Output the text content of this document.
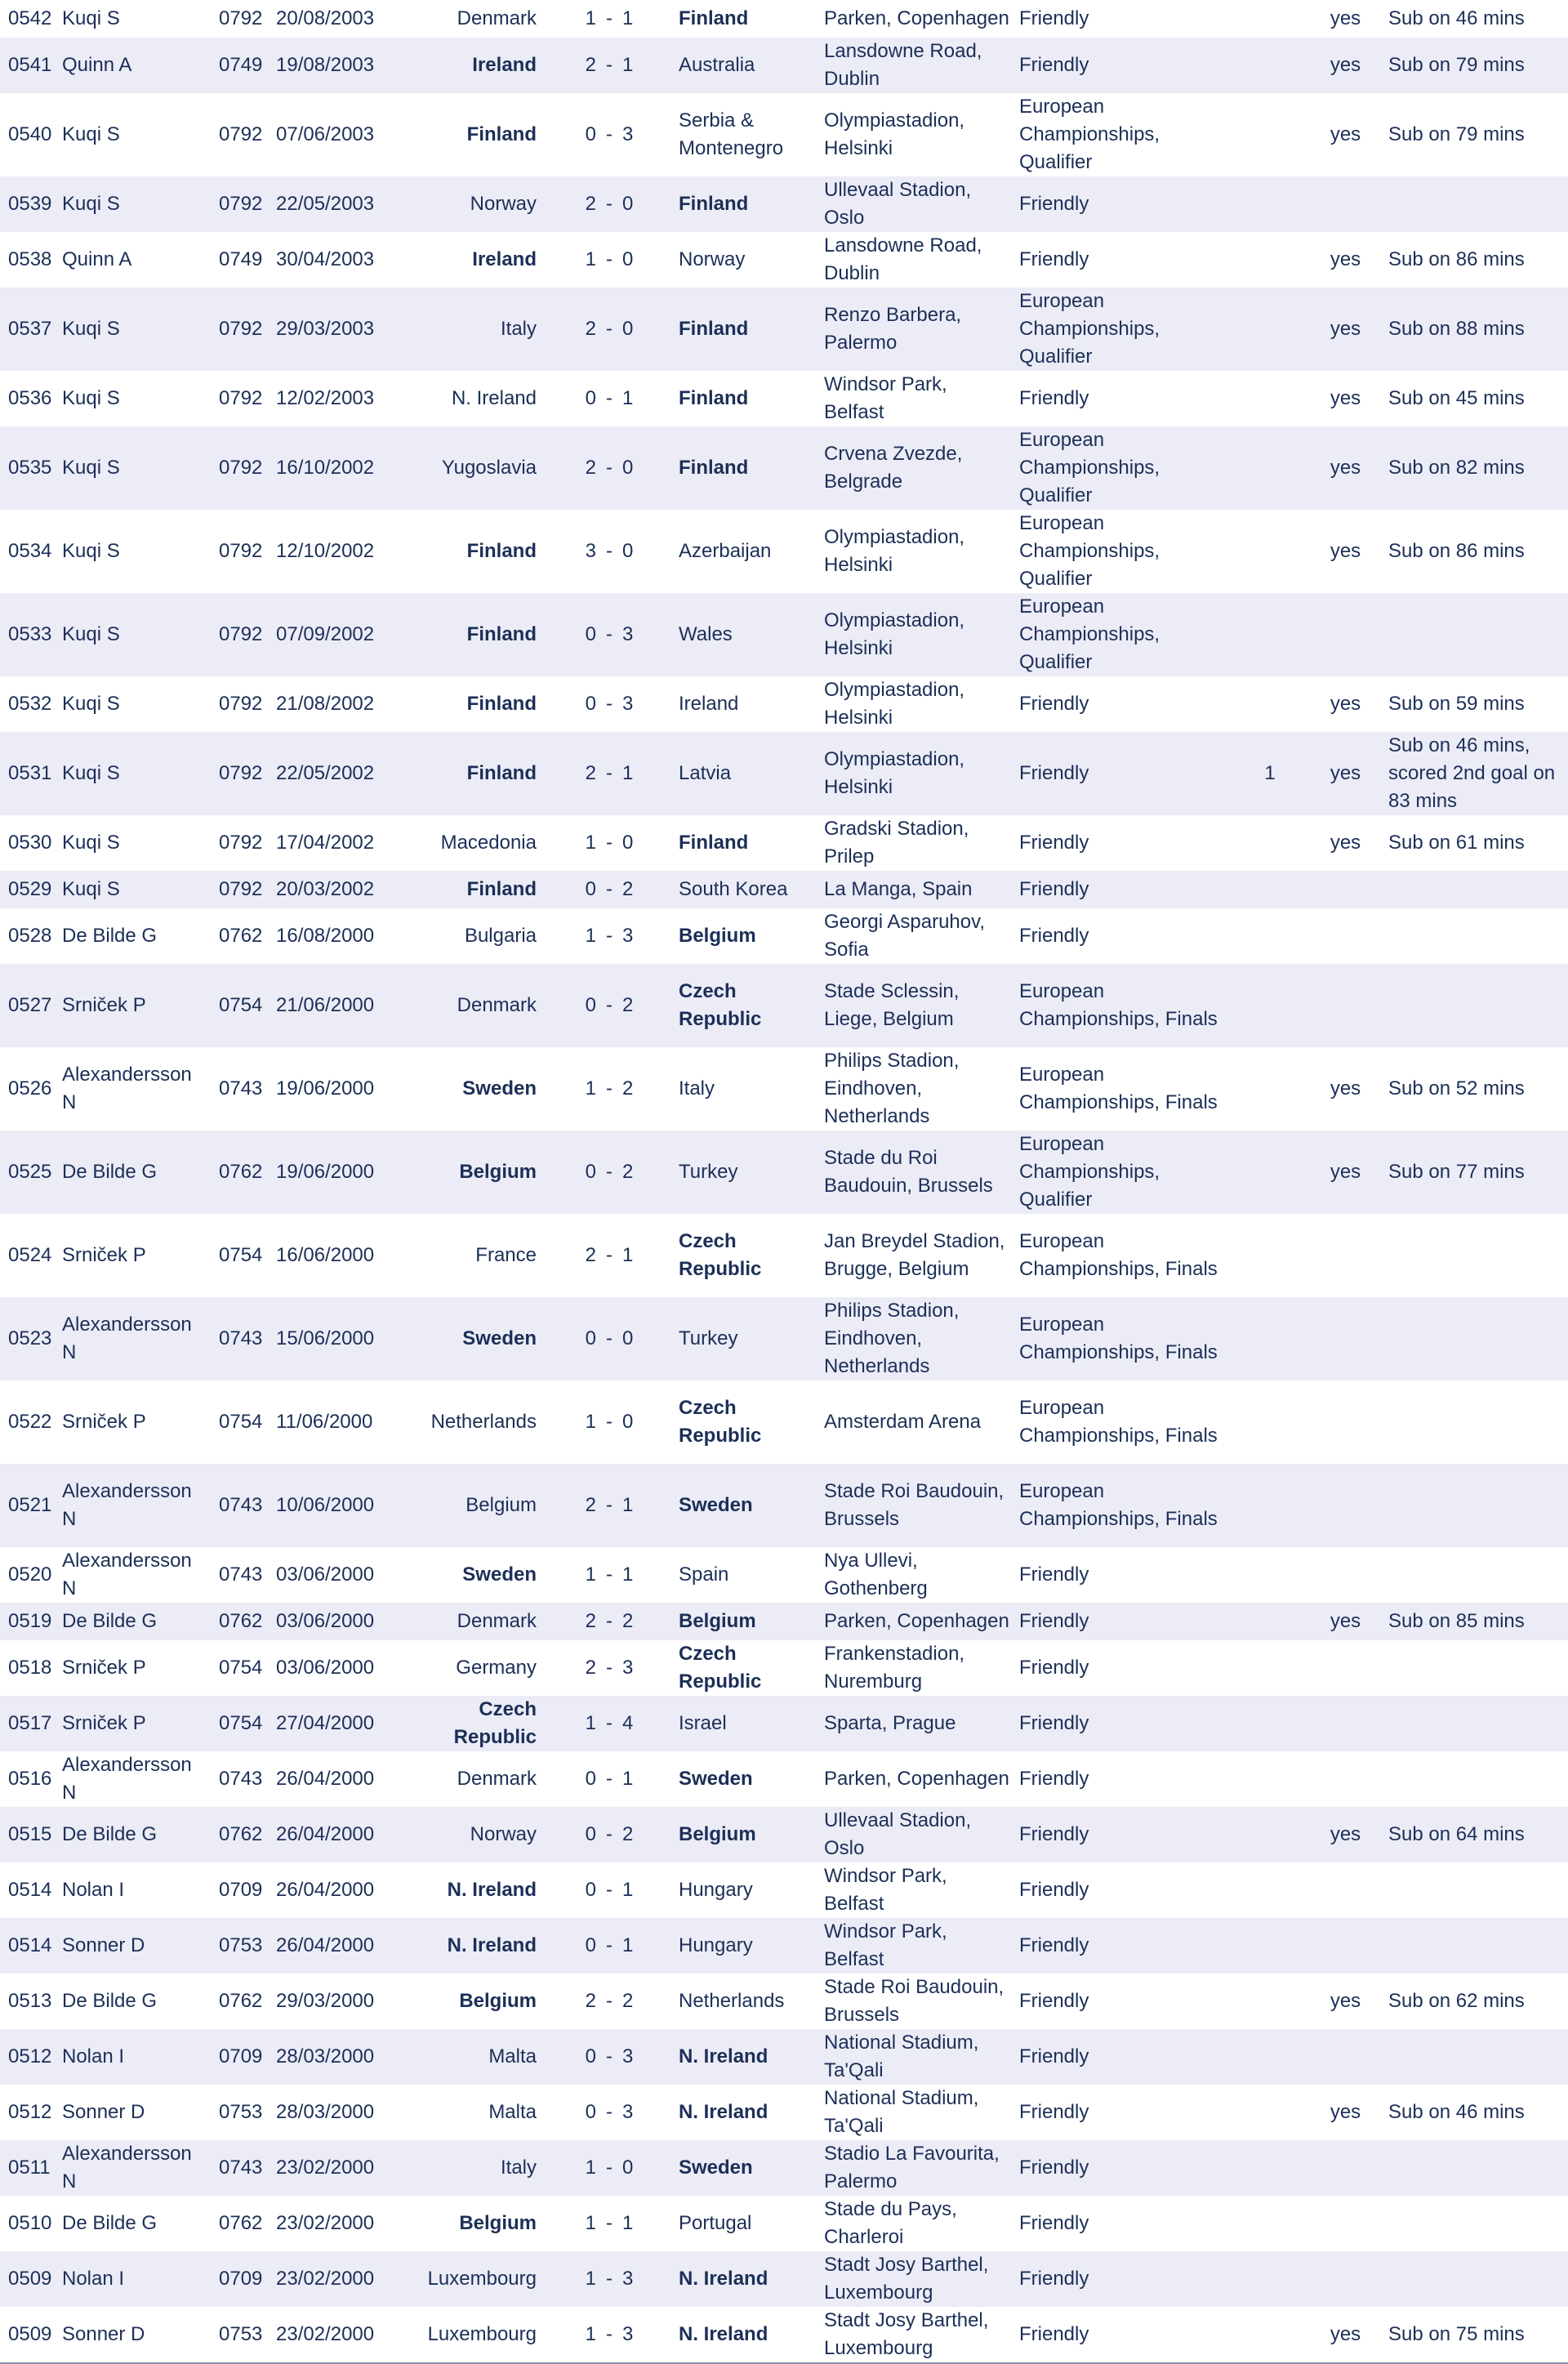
0542	Kuqi S	0792	20/08/2003	Denmark	1 - 1	Finland	Parken, Copenhagen	Friendly		yes	Sub on 46 mins
0541	Quinn A	0749	19/08/2003	Ireland	2 - 1	Australia	Lansdowne Road, Dublin	Friendly		yes	Sub on 79 mins
0540	Kuqi S	0792	07/06/2003	Finland	0 - 3	Serbia & Montenegro	Olympiastadion, Helsinki	European Championships, Qualifier		yes	Sub on 79 mins
0539	Kuqi S	0792	22/05/2003	Norway	2 - 0	Finland	Ullevaal Stadion, Oslo	Friendly			
0538	Quinn A	0749	30/04/2003	Ireland	1 - 0	Norway	Lansdowne Road, Dublin	Friendly		yes	Sub on 86 mins
0537	Kuqi S	0792	29/03/2003	Italy	2 - 0	Finland	Renzo Barbera, Palermo	European Championships, Qualifier		yes	Sub on 88 mins
0536	Kuqi S	0792	12/02/2003	N. Ireland	0 - 1	Finland	Windsor Park, Belfast	Friendly		yes	Sub on 45 mins
0535	Kuqi S	0792	16/10/2002	Yugoslavia	2 - 0	Finland	Crvena Zvezde, Belgrade	European Championships, Qualifier		yes	Sub on 82 mins
0534	Kuqi S	0792	12/10/2002	Finland	3 - 0	Azerbaijan	Olympiastadion, Helsinki	European Championships, Qualifier		yes	Sub on 86 mins
0533	Kuqi S	0792	07/09/2002	Finland	0 - 3	Wales	Olympiastadion, Helsinki	European Championships, Qualifier			
0532	Kuqi S	0792	21/08/2002	Finland	0 - 3	Ireland	Olympiastadion, Helsinki	Friendly		yes	Sub on 59 mins
0531	Kuqi S	0792	22/05/2002	Finland	2 - 1	Latvia	Olympiastadion, Helsinki	Friendly	1	yes	Sub on 46 mins, scored 2nd goal on 83 mins
0530	Kuqi S	0792	17/04/2002	Macedonia	1 - 0	Finland	Gradski Stadion, Prilep	Friendly		yes	Sub on 61 mins
0529	Kuqi S	0792	20/03/2002	Finland	0 - 2	South Korea	La Manga, Spain	Friendly			
0528	De Bilde G	0762	16/08/2000	Bulgaria	1 - 3	Belgium	Georgi Asparuhov, Sofia	Friendly			
0527	Srniček P	0754	21/06/2000	Denmark	0 - 2	Czech Republic	Stade Sclessin, Liege, Belgium	European Championships, Finals			
0526	Alexandersson N	0743	19/06/2000	Sweden	1 - 2	Italy	Philips Stadion, Eindhoven, Netherlands	European Championships, Finals		yes	Sub on 52 mins
0525	De Bilde G	0762	19/06/2000	Belgium	0 - 2	Turkey	Stade du Roi Baudouin, Brussels	European Championships, Qualifier		yes	Sub on 77 mins
0524	Srniček P	0754	16/06/2000	France	2 - 1	Czech Republic	Jan Breydel Stadion, Brugge, Belgium	European Championships, Finals			
0523	Alexandersson N	0743	15/06/2000	Sweden	0 - 0	Turkey	Philips Stadion, Eindhoven, Netherlands	European Championships, Finals			
0522	Srniček P	0754	11/06/2000	Netherlands	1 - 0	Czech Republic	Amsterdam Arena	European Championships, Finals			
0521	Alexandersson N	0743	10/06/2000	Belgium	2 - 1	Sweden	Stade Roi Baudouin, Brussels	European Championships, Finals			
0520	Alexandersson N	0743	03/06/2000	Sweden	1 - 1	Spain	Nya Ullevi, Gothenberg	Friendly			
0519	De Bilde G	0762	03/06/2000	Denmark	2 - 2	Belgium	Parken, Copenhagen	Friendly		yes	Sub on 85 mins
0518	Srniček P	0754	03/06/2000	Germany	2 - 3	Czech Republic	Frankenstadion, Nuremburg	Friendly			
0517	Srniček P	0754	27/04/2000	Czech Republic	1 - 4	Israel	Sparta, Prague	Friendly			
0516	Alexandersson N	0743	26/04/2000	Denmark	0 - 1	Sweden	Parken, Copenhagen	Friendly			
0515	De Bilde G	0762	26/04/2000	Norway	0 - 2	Belgium	Ullevaal Stadion, Oslo	Friendly		yes	Sub on 64 mins
0514	Nolan I	0709	26/04/2000	N. Ireland	0 - 1	Hungary	Windsor Park, Belfast	Friendly			
0514	Sonner D	0753	26/04/2000	N. Ireland	0 - 1	Hungary	Windsor Park, Belfast	Friendly			
0513	De Bilde G	0762	29/03/2000	Belgium	2 - 2	Netherlands	Stade Roi Baudouin, Brussels	Friendly		yes	Sub on 62 mins
0512	Nolan I	0709	28/03/2000	Malta	0 - 3	N. Ireland	National Stadium, Ta'Qali	Friendly			
0512	Sonner D	0753	28/03/2000	Malta	0 - 3	N. Ireland	National Stadium, Ta'Qali	Friendly		yes	Sub on 46 mins
0511	Alexandersson N	0743	23/02/2000	Italy	1 - 0	Sweden	Stadio La Favourita, Palermo	Friendly			
0510	De Bilde G	0762	23/02/2000	Belgium	1 - 1	Portugal	Stade du Pays, Charleroi	Friendly			
0509	Nolan I	0709	23/02/2000	Luxembourg	1 - 3	N. Ireland	Stadt Josy Barthel, Luxembourg	Friendly			
0509	Sonner D	0753	23/02/2000	Luxembourg	1 - 3	N. Ireland	Stadt Josy Barthel, Luxembourg	Friendly		yes	Sub on 75 mins
